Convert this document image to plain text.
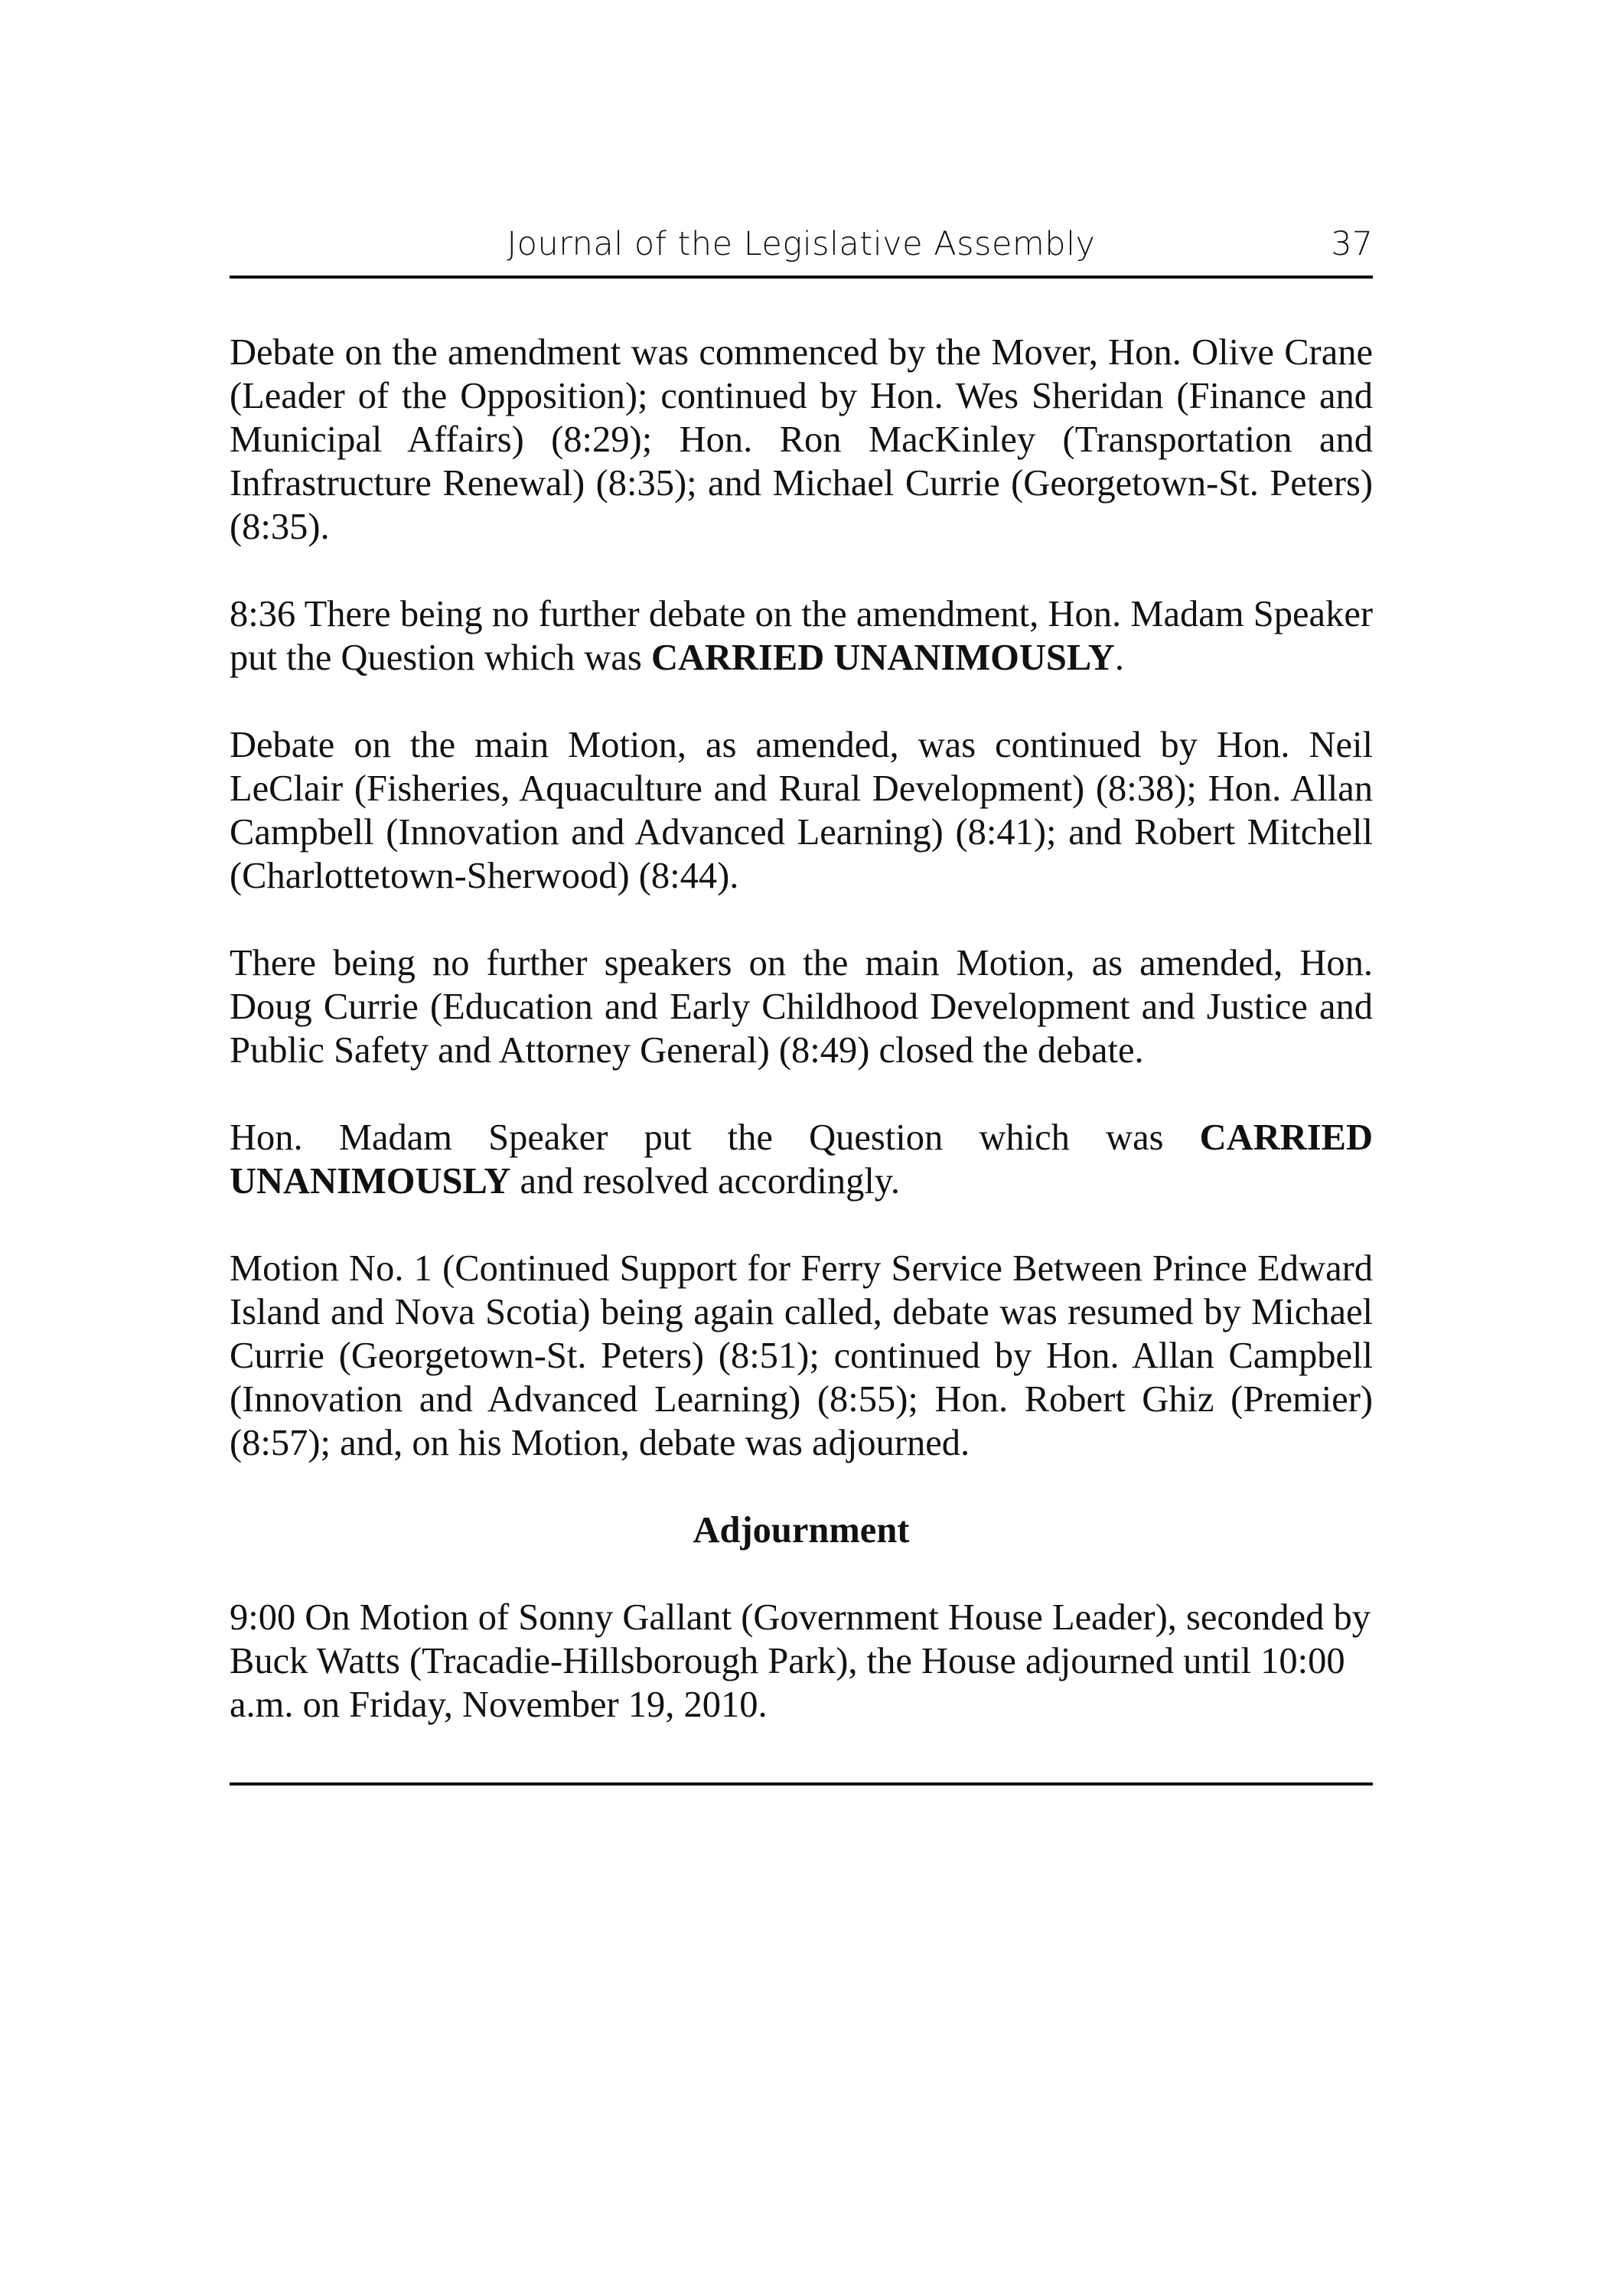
Journal of the Legislative Assembly	37

Debate on the amendment was commenced by the Mover, Hon. Olive Crane (Leader of the Opposition); continued by Hon. Wes Sheridan (Finance and Municipal Affairs) (8:29); Hon. Ron MacKinley (Transportation and Infrastructure Renewal) (8:35); and Michael Currie (Georgetown-St. Peters) (8:35).

8:36 There being no further debate on the amendment, Hon. Madam Speaker put the Question which was CARRIED UNANIMOUSLY.

Debate on the main Motion, as amended, was continued by Hon. Neil LeClair (Fisheries, Aquaculture and Rural Development) (8:38); Hon. Allan Campbell (Innovation and Advanced Learning) (8:41); and Robert Mitchell (Charlottetown-Sherwood) (8:44).

There being no further speakers on the main Motion, as amended, Hon. Doug Currie (Education and Early Childhood Development and Justice and Public Safety and Attorney General) (8:49) closed the debate.

Hon. Madam Speaker put the Question which was CARRIED UNANIMOUSLY and resolved accordingly.

Motion No. 1 (Continued Support for Ferry Service Between Prince Edward Island and Nova Scotia) being again called, debate was resumed by Michael Currie (Georgetown-St. Peters) (8:51); continued by Hon. Allan Campbell (Innovation and Advanced Learning) (8:55); Hon. Robert Ghiz (Premier) (8:57); and, on his Motion, debate was adjourned.

Adjournment

9:00 On Motion of Sonny Gallant (Government House Leader), seconded by Buck Watts (Tracadie-Hillsborough Park), the House adjourned until 10:00 a.m. on Friday, November 19, 2010.
